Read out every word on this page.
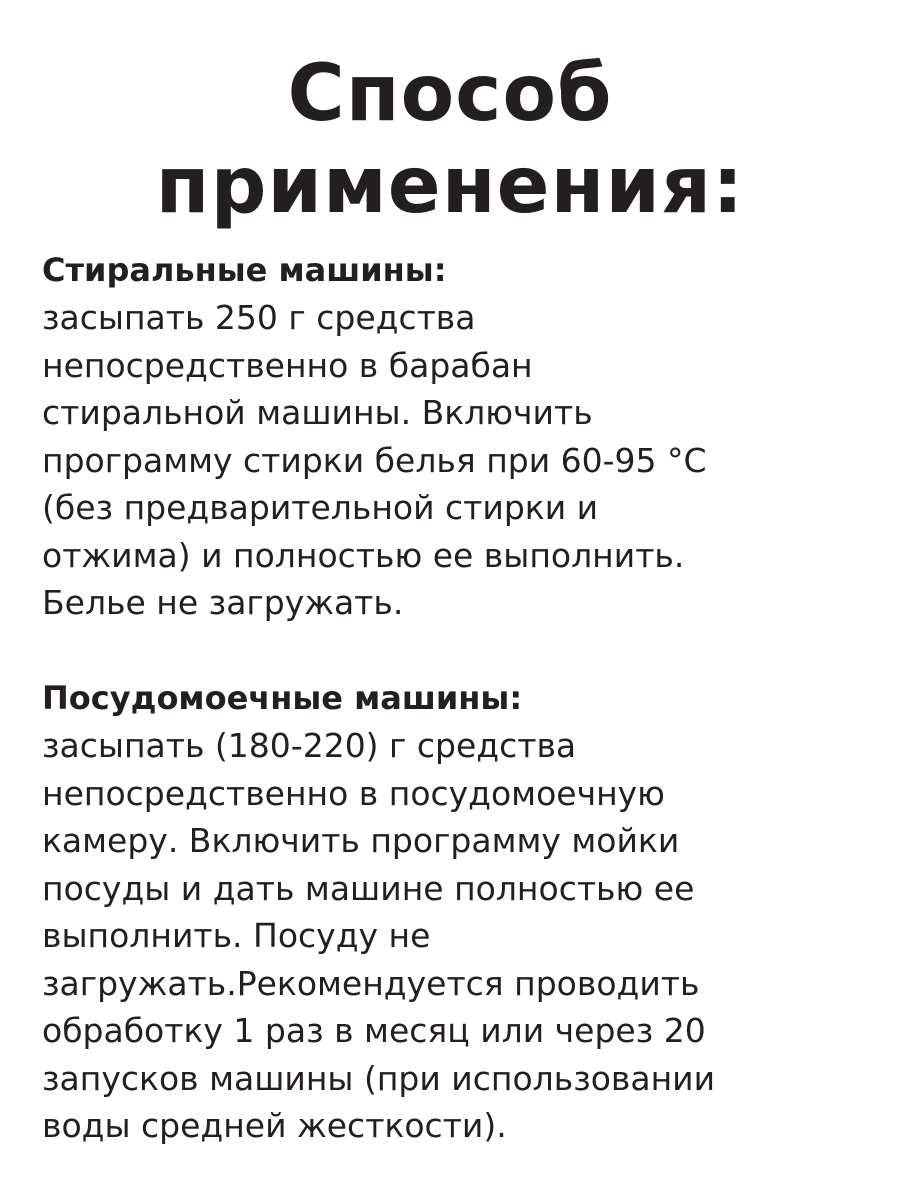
Способ
применения:

Стиральные машины:

засыпать 250 г средства
непосредственно в барабан
стиральной машины. Включить
программу стирки белья при 60-95 °С
(без предварительной стирки и
отжима) и полностью ее выполнить.
Белье не загружать.

Посудомоечные машины:

засыпать (180-220) г средства
непосредственно в посудомоечную
камеру. Включить программу мойки
посуды и дать машине полностью ее
выполнить. Посуду не
загружать.Рекомендуется проводить
обработку 1 раз в месяц или через 20
запусков машины (при использовании
воды средней жесткости).
